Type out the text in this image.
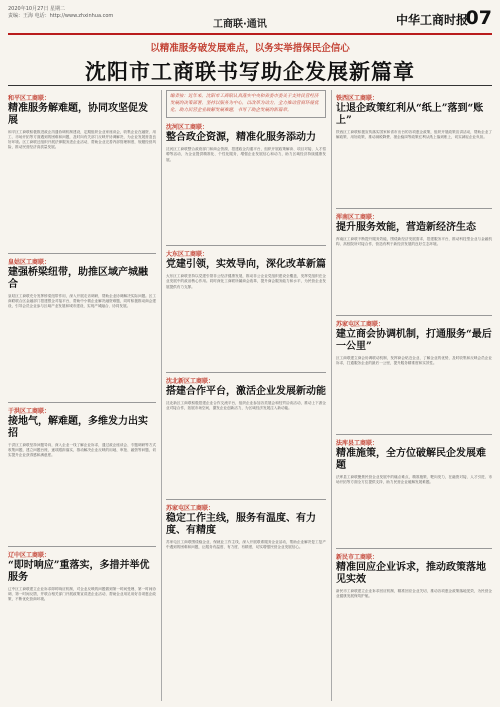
2020年10月27日 星期二
责编：王海 电话：http://www.zhxinhua.com
工商联·通讯	中华工商时报
07
以精准服务破发展难点，以务实举措保民企信心
沈阳市工商联书写助企发展新篇章
和平区工商联：
精准服务解难题，协同攻坚促发展
和平区工商联积极推进政企沟通协调机制建设，定期组织企业家座谈会，收集企业在融资、用工、市场开拓等方面遇到的困难和问题，及时向有关部门反映并协调解决，为企业发展营造良好环境。区工商联还组织开展法律服务进企业活动，帮助企业完善内部管理制度，规避经营风险，推动民营经济高质量发展。
皇姑区工商联：
建强桥梁纽带，助推区域产城融合
皇姑区工商联充分发挥桥梁纽带作用，深入开展走访调研，帮助企业协调解决实际问题。区工商联联合区金融部门搭建银企对接平台，帮助中小微企业解决融资难题，同时积极推动商会建设，引导会员企业参与区域产业发展和城市建设，实现产城融合、协同发展。
于洪区工商联：
接地气，解难题，多维发力出实招
于洪区工商联坚持问题导向，深入企业一线了解企业诉求，通过政企座谈会、专题调研等方式收集问题，建立问题台账，逐项跟踪落实，推动解决企业反映的用地、审批、融资等问题，切实提升企业获得感和满意度。
辽中区工商联：
“即时响应”重落实，多措并举优服务
辽中区工商联建立企业诉求即时响应机制，对企业反映的问题做到第一时间受理、第一时间协调、第一时间反馈，并联合相关部门开展政策宣讲进企业活动，帮助企业用足用好各项惠企政策，不断优化营商环境。
编者按：近年来，沈阳市工商联认真落实中央和省委市委关于支持民营经济发展的决策部署，坚持以服务为中心，以改革为动力，全力推动营商环境优化，助力民营企业破解发展难题，书写了助企发展的新篇章。
沈河区工商联：
整合政企资源，精准化服务添动力
沈河区工商联整合政府部门和商会资源，搭建政企沟通平台，组织开展政策解读、项目对接、人才招聘等活动，为企业提供精准化、个性化服务，增强企业发展信心和动力，助力区域经济持续健康发展。
大东区工商联：
党建引领，实效导向，深化改革新篇
大东区工商联坚持以党建引领非公经济健康发展，推动非公企业党组织建设全覆盖，发挥党组织在企业发展中的政治核心作用。同时深化工商联所属商会改革，提升商会服务能力和水平，为民营企业发展提供有力支撑。
沈北新区工商联：
搭建合作平台，激活企业发展新动能
沈北新区工商联积极搭建企业合作交流平台，组织企业参加各类展会和经贸洽谈活动，推动上下游企业对接合作，拓展市场空间，激发企业创新活力，为区域经济发展注入新动能。
苏家屯区工商联：
稳定工作主线，服务有温度、有力度、有精度
苏家屯区工商联围绕稳企业、保就业工作主线，深入开展联系服务企业活动，帮助企业解决复工复产中遇到的困难和问题，让服务有温度、有力度、有精度，切实增强民营企业发展信心。
铁西区工商联：
让退企政策红利从“纸上”落到“账上”
铁西区工商联积极宣传落实国家和省市出台的各项惠企政策，组织开展政策宣讲活动，帮助企业了解政策、用好政策，推动减税降费、援企稳岗等政策红利从纸上落到账上，切实减轻企业负担。
浑南区工商联：
提升服务效能，营造新经济生态
浑南区工商联不断提升服务效能，围绕新经济发展需求，搭建服务平台，推动科技型企业与金融机构、高校院所对接合作，营造有利于新经济发展的良好生态环境。
苏家屯区工商联：
建立商会协调机制，打通服务“最后一公里”
区工商联建立商会协调联动机制，发挥商会贴近企业、了解企业的优势，及时收集和反映会员企业诉求，打通服务企业的最后一公里，提升服务精准度和实效性。
法库县工商联：
精准施策，全方位破解民企发展难题
法库县工商联聚焦民营企业发展中的痛点难点，精准施策、靶向发力，在融资对接、人才引进、市场开拓等方面全方位提供支持，助力民营企业破解发展难题。
新民市工商联：
精准回应企业诉求，推动政策落地见实效
新民市工商联建立企业诉求回应机制，精准回应企业关切，推动各项惠企政策落地见效，为民营企业健康发展保驾护航。
